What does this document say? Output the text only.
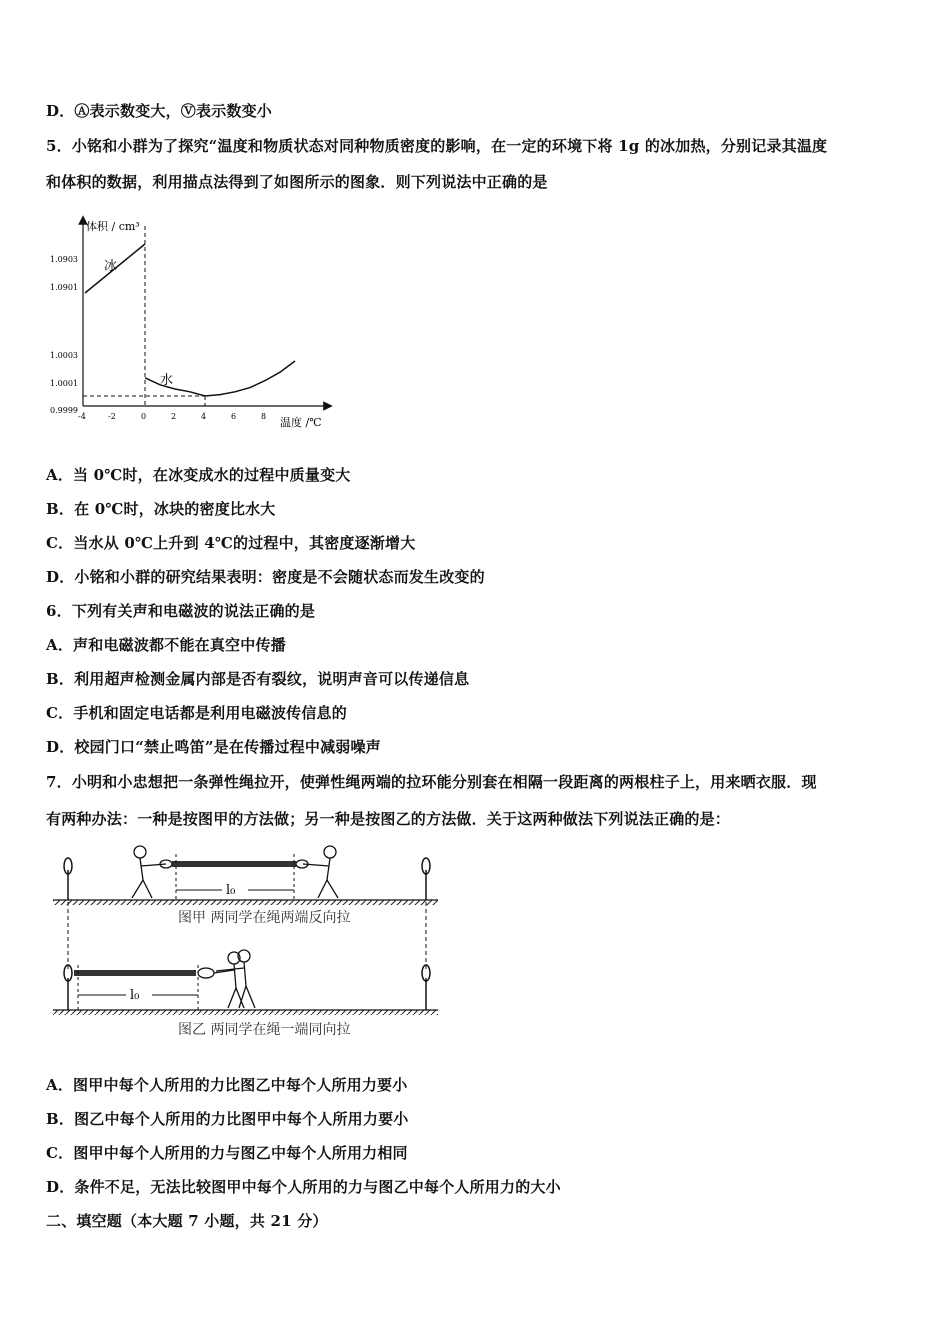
D．Ⓐ表示数变大，Ⓥ表示数变小
5．小铭和小群为了探究“温度和物质状态对同种物质密度的影响，在一定的环境下将 1g 的冰加热，分别记录其温度
和体积的数据，利用描点法得到了如图所示的图象．则下列说法中正确的是
体积 / cm³
温度 /℃
1.0903
1.0901
1.0003
1.0001
0.9999
-4	-2	0	2	4	6	8
冰
水
A．当 0℃时，在冰变成水的过程中质量变大
B．在 0℃时，冰块的密度比水大
C．当水从 0℃上升到 4℃的过程中，其密度逐渐增大
D．小铭和小群的研究结果表明：密度是不会随状态而发生改变的
6．下列有关声和电磁波的说法正确的是
A．声和电磁波都不能在真空中传播
B．利用超声检测金属内部是否有裂纹，说明声音可以传递信息
C．手机和固定电话都是利用电磁波传信息的
D．校园门口“禁止鸣笛”是在传播过程中减弱噪声
7．小明和小忠想把一条弹性绳拉开，使弹性绳两端的拉环能分别套在相隔一段距离的两根柱子上，用来晒衣服．现
有两种办法：一种是按图甲的方法做；另一种是按图乙的方法做．关于这两种做法下列说法正确的是：
l₀
图甲 两同学在绳两端反向拉
l₀
图乙 两同学在绳一端同向拉
A．图甲中每个人所用的力比图乙中每个人所用力要小
B．图乙中每个人所用的力比图甲中每个人所用力要小
C．图甲中每个人所用的力与图乙中每个人所用力相同
D．条件不足，无法比较图甲中每个人所用的力与图乙中每个人所用力的大小
二、填空题（本大题 7 小题，共 21 分）
